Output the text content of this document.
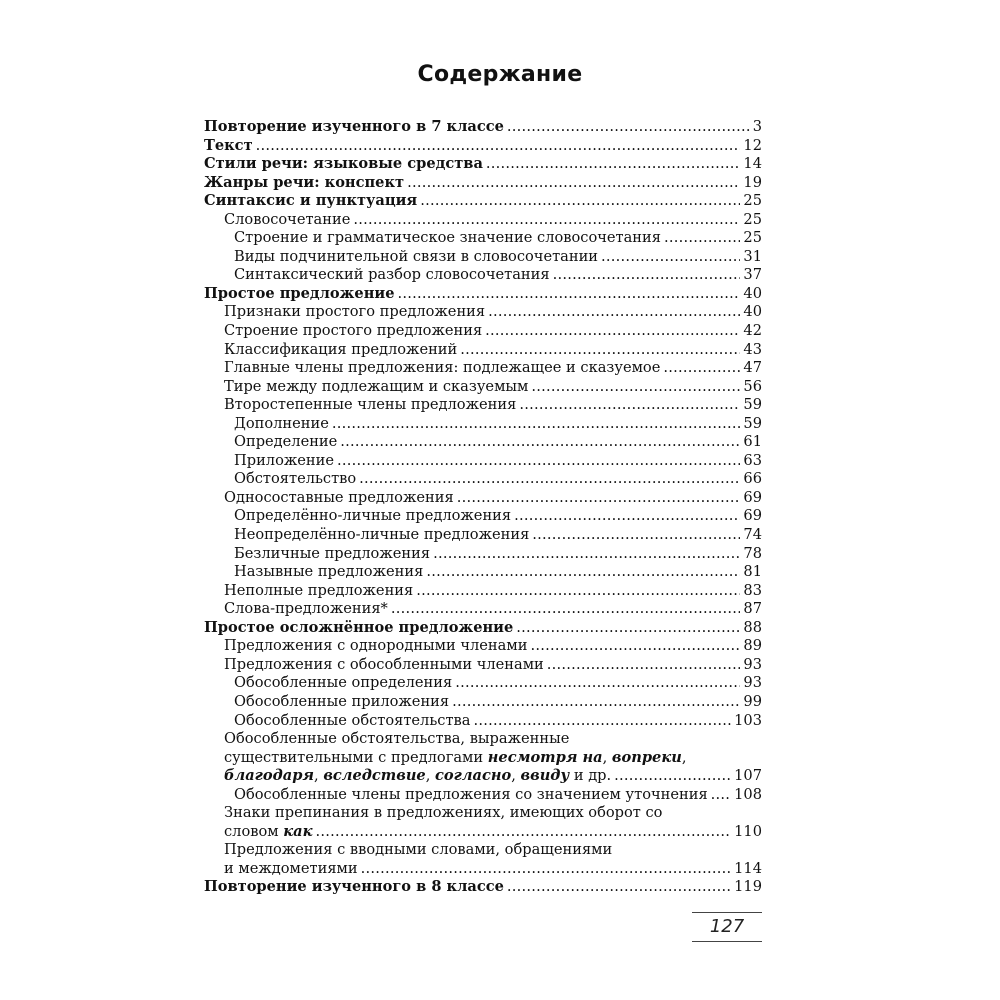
Содержание
Повторение изученного в 7 классе . . .	3
Текст . . .	12
Стили речи: языковые средства . . .	14
Жанры речи: конспект . . .	19
Синтаксис и пунктуация . . .	25
Словосочетание . . .	25
Строение и грамматическое значение словосочетания . . .	25
Виды подчинительной связи в словосочетании . . .	31
Синтаксический разбор словосочетания . . .	37
Простое предложение . . .	40
Признаки простого предложения . . .	40
Строение простого предложения . . .	42
Классификация предложений . . .	43
Главные члены предложения: подлежащее и сказуемое . . .	47
Тире между подлежащим и сказуемым . . .	56
Второстепенные члены предложения . . .	59
Дополнение . . .	59
Определение . . .	61
Приложение . . .	63
Обстоятельство . . .	66
Односоставные предложения . . .	69
Определённо-личные предложения . . .	69
Неопределённо-личные предложения . . .	74
Безличные предложения . . .	78
Назывные предложения . . .	81
Неполные предложения . . .	83
Слова-предложения* . . .	87
Простое осложнённое предложение . . .	88
Предложения с однородными членами . . .	89
Предложения с обособленными членами . . .	93
Обособленные определения . . .	93
Обособленные приложения . . .	99
Обособленные обстоятельства . . .	103
Обособленные обстоятельства, выраженные
существительными с предлогами несмотря на, вопреки,
благодаря, вследствие, согласно, ввиду и др. . . .	107
Обособленные члены предложения со значением уточнения . . . 108
Знаки препинания в предложениях, имеющих оборот со
словом как . . .	110
Предложения с вводными словами, обращениями
и междометиями . . .	114
Повторение изученного в 8 классе . . .	119
127
